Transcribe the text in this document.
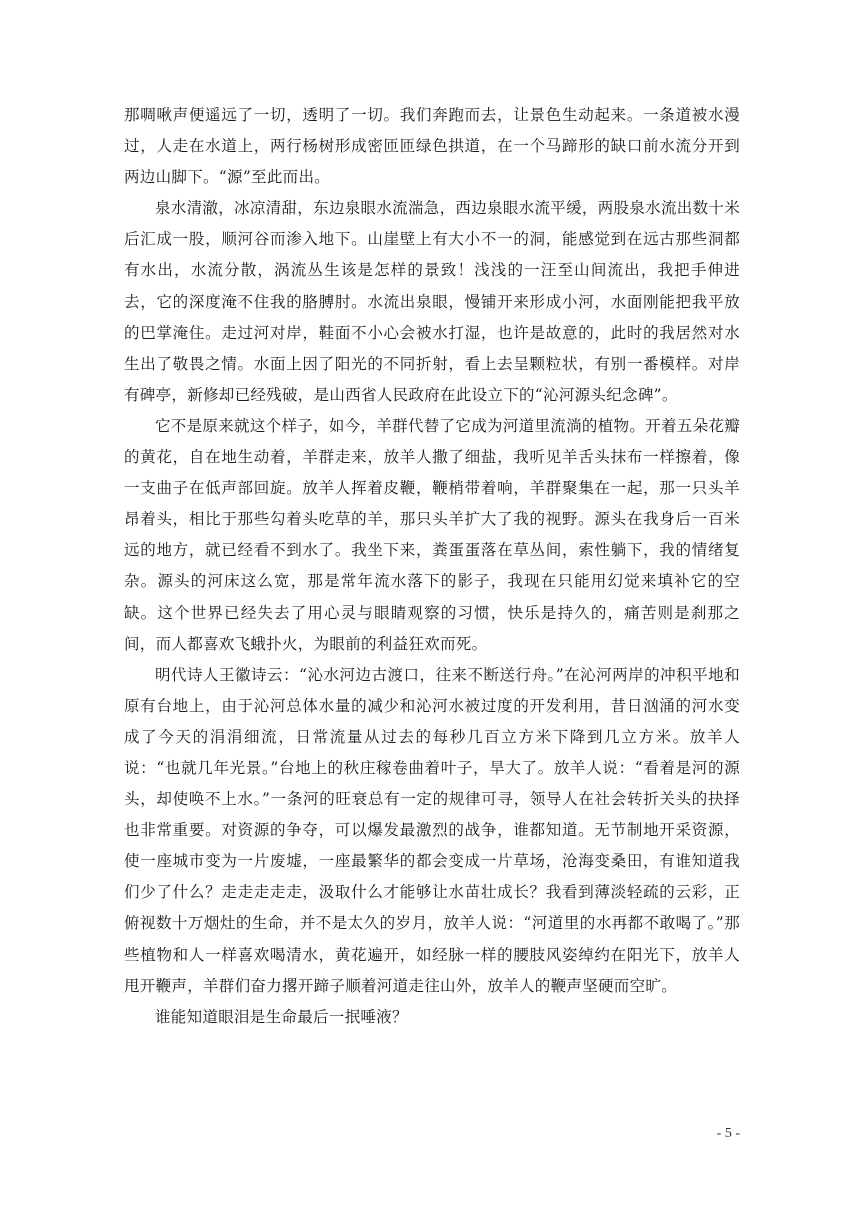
那啁啾声便遥远了一切，透明了一切。我们奔跑而去，让景色生动起来。一条道被水漫过，人走在水道上，两行杨树形成密匝匝绿色拱道，在一个马蹄形的缺口前水流分开到两边山脚下。“源”至此而出。

泉水清澈，冰凉清甜，东边泉眼水流湍急，西边泉眼水流平缓，两股泉水流出数十米后汇成一股，顺河谷而渗入地下。山崖壁上有大小不一的洞，能感觉到在远古那些洞都有水出，水流分散，涡流丛生该是怎样的景致！浅浅的一汪至山间流出，我把手伸进去，它的深度淹不住我的胳膊肘。水流出泉眼，慢铺开来形成小河，水面刚能把我平放的巴掌淹住。走过河对岸，鞋面不小心会被水打湿，也许是故意的，此时的我居然对水生出了敬畏之情。水面上因了阳光的不同折射，看上去呈颗粒状，有别一番模样。对岸有碑亭，新修却已经残破，是山西省人民政府在此设立下的“沁河源头纪念碑”。

它不是原来就这个样子，如今，羊群代替了它成为河道里流淌的植物。开着五朵花瓣的黄花，自在地生动着，羊群走来，放羊人撒了细盐，我听见羊舌头抹布一样擦着，像一支曲子在低声部回旋。放羊人挥着皮鞭，鞭梢带着响，羊群聚集在一起，那一只头羊昂着头，相比于那些勾着头吃草的羊，那只头羊扩大了我的视野。源头在我身后一百米远的地方，就已经看不到水了。我坐下来，粪蛋蛋落在草丛间，索性躺下，我的情绪复杂。源头的河床这么宽，那是常年流水落下的影子，我现在只能用幻觉来填补它的空缺。这个世界已经失去了用心灵与眼睛观察的习惯，快乐是持久的，痛苦则是刹那之间，而人都喜欢飞蛾扑火，为眼前的利益狂欢而死。

明代诗人王徽诗云：“沁水河边古渡口，往来不断送行舟。”在沁河两岸的冲积平地和原有台地上，由于沁河总体水量的减少和沁河水被过度的开发利用，昔日汹涌的河水变成了今天的涓涓细流，日常流量从过去的每秒几百立方米下降到几立方米。放羊人说：“也就几年光景。”台地上的秋庄稼卷曲着叶子，旱大了。放羊人说：“看着是河的源头，却使唤不上水。”一条河的旺衰总有一定的规律可寻，领导人在社会转折关头的抉择也非常重要。对资源的争夺，可以爆发最激烈的战争，谁都知道。无节制地开采资源，使一座城市变为一片废墟，一座最繁华的都会变成一片草场，沧海变桑田，有谁知道我们少了什么？走走走走走，汲取什么才能够让水苗壮成长？我看到薄淡轻疏的云彩，正俯视数十万烟灶的生命，并不是太久的岁月，放羊人说：“河道里的水再都不敢喝了。”那些植物和人一样喜欢喝清水，黄花遍开，如经脉一样的腰肢风姿绰约在阳光下，放羊人甩开鞭声，羊群们奋力撂开蹄子顺着河道走往山外，放羊人的鞭声坚硬而空旷。

谁能知道眼泪是生命最后一抿唾液？

- 5 -
